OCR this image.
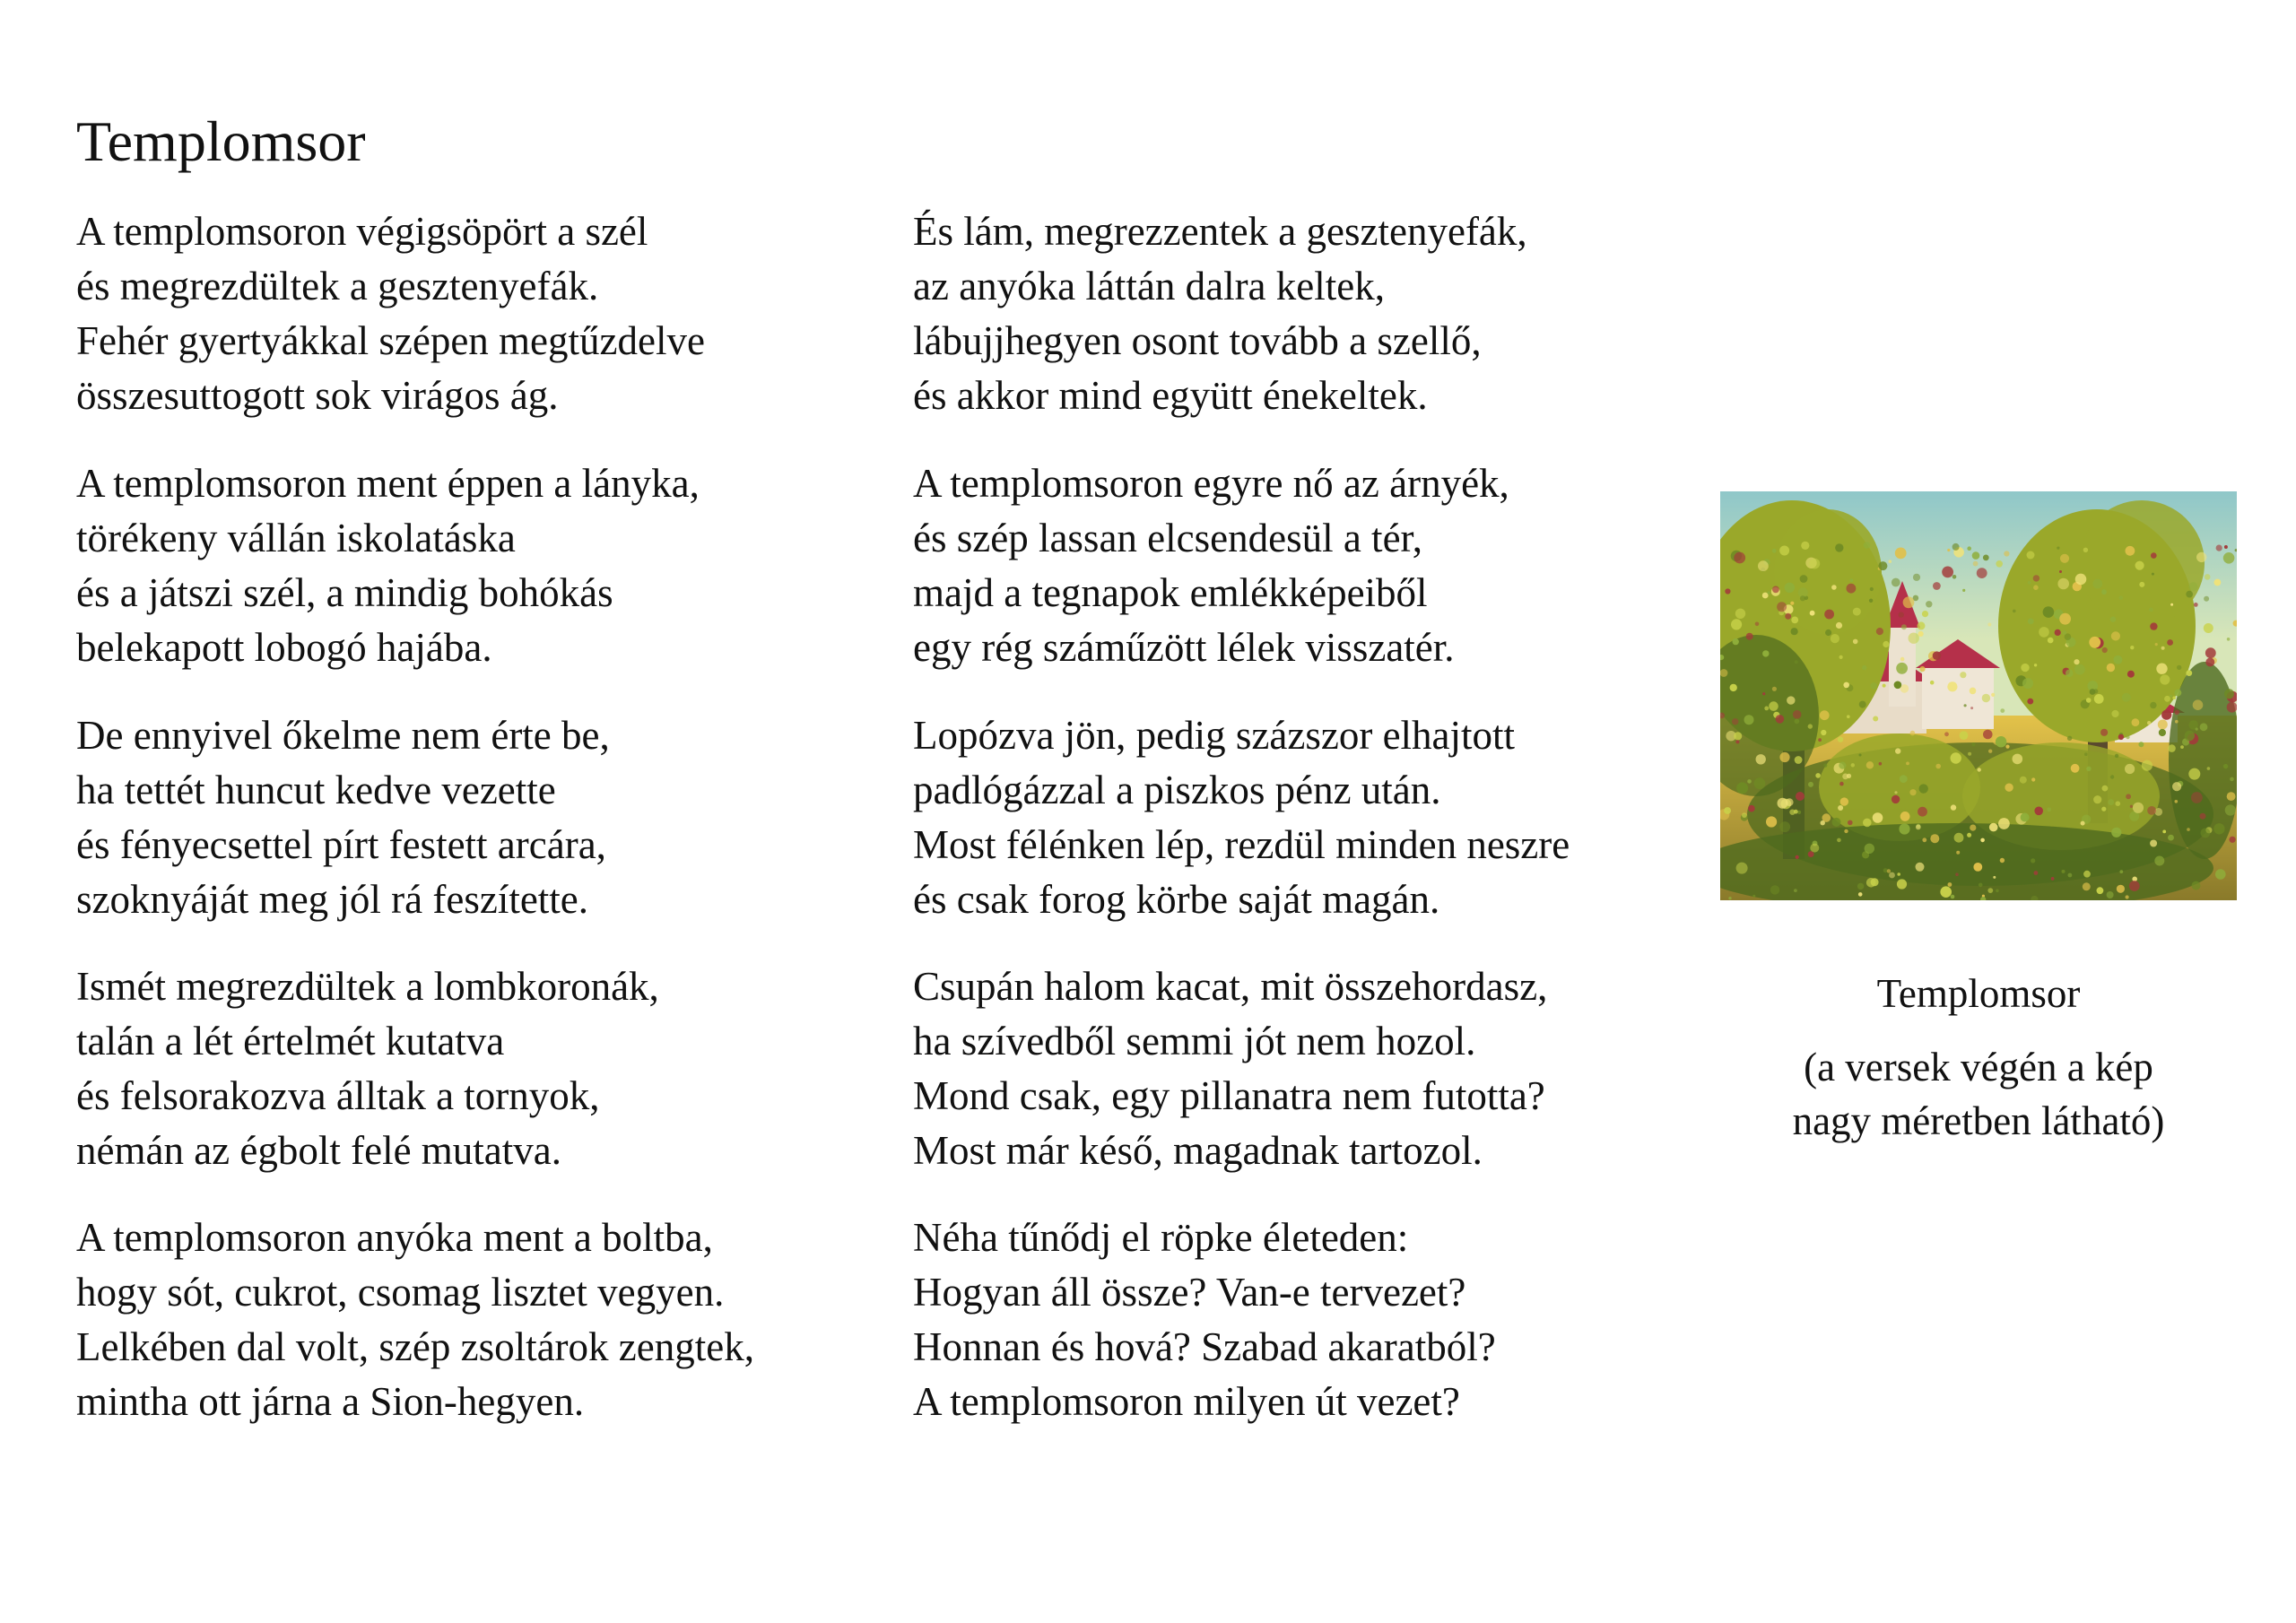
Templomsor
A templomsoron végigsöpört a szél
és megrezdültek a gesztenyefák.
Fehér gyertyákkal szépen megtűzdelve
összesuttogott sok virágos ág.
A templomsoron ment éppen a lányka,
törékeny vállán iskolatáska
és a játszi szél, a mindig bohókás
belekapott lobogó hajába.
De ennyivel őkelme nem érte be,
ha tettét huncut kedve vezette
és fényecsettel pírt festett arcára,
szoknyáját meg jól rá feszítette.
Ismét megrezdültek a lombkoronák,
talán a lét értelmét kutatva
és felsorakozva álltak a tornyok,
némán az égbolt felé mutatva.
A templomsoron anyóka ment a boltba,
hogy sót, cukrot, csomag lisztet vegyen.
Lelkében dal volt, szép zsoltárok zengtek,
mintha ott járna a Sion-hegyen.
És lám, megrezzentek a gesztenyefák,
az anyóka láttán dalra keltek,
lábujjhegyen osont tovább a szellő,
és akkor mind együtt énekeltek.
A templomsoron egyre nő az árnyék,
és szép lassan elcsendesül a tér,
majd a tegnapok emlékképeiből
egy rég száműzött lélek visszatér.
Lopózva jön, pedig százszor elhajtott
padlógázzal a piszkos pénz után.
Most félénken lép, rezdül minden neszre
és csak forog körbe saját magán.
Csupán halom kacat, mit összehordasz,
ha szívedből semmi jót nem hozol.
Mond csak, egy pillanatra nem futotta?
Most már késő, magadnak tartozol.
Néha tűnődj el röpke életeden:
Hogyan áll össze? Van-e tervezet?
Honnan és hová? Szabad akaratból?
A templomsoron milyen út vezet?
Templomsor
(a versek végén a kép
nagy méretben látható)
